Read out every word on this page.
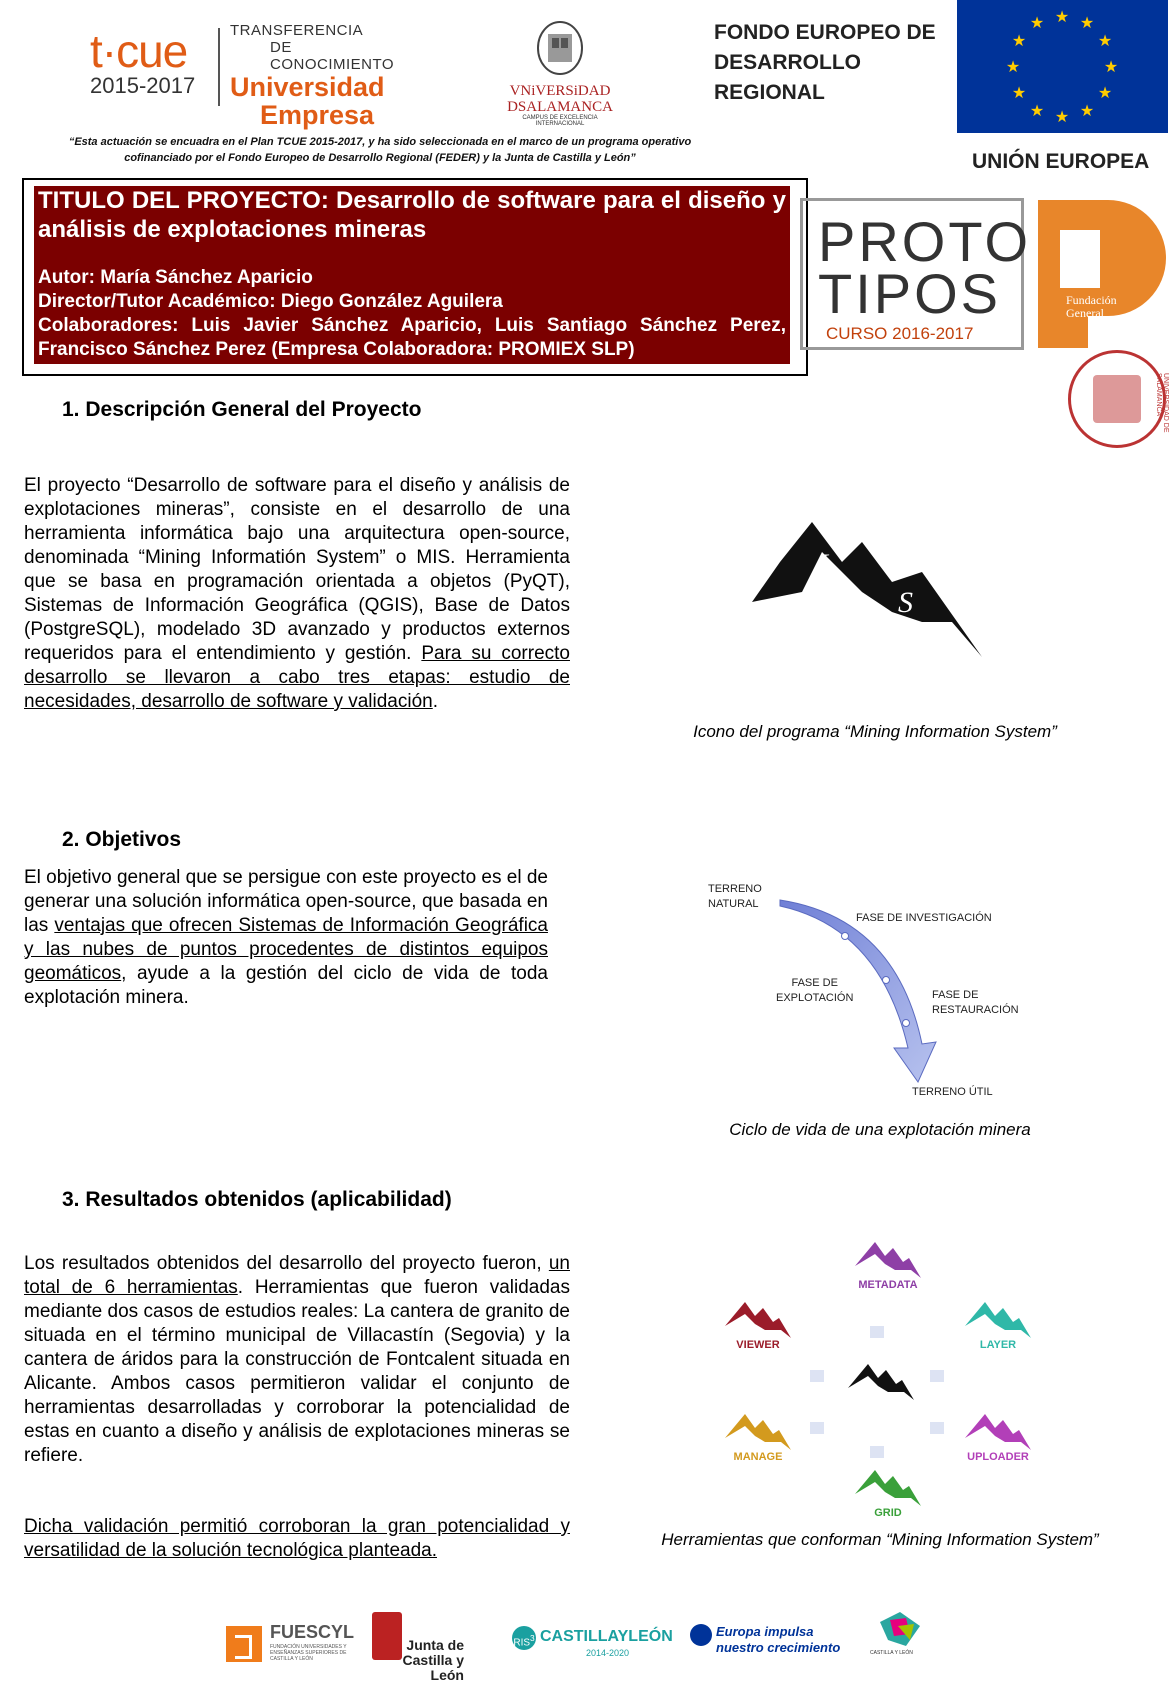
t·cue
2015-2017
TRANSFERENCIA
DE CONOCIMIENTO
Universidad
Empresa
VNiVERSiDAD
DSALAMANCA
CAMPUS DE EXCELENCIA INTERNACIONAL
FONDO EUROPEO DE
DESARROLLO
REGIONAL
★ ★
★
★
★
★
★
★
★
★
★
★
UNIÓN EUROPEA
“Esta actuación se encuadra en el Plan TCUE 2015-2017, y ha sido seleccionada en el marco de un programa operativo cofinanciado por el Fondo Europeo de Desarrollo Regional (FEDER) y la Junta de Castilla y León”
TITULO DEL PROYECTO: Desarrollo de software para el diseño y análisis de explotaciones mineras
Autor: María Sánchez Aparicio
Director/Tutor Académico: Diego González Aguilera
Colaboradores: Luis Javier Sánchez Aparicio, Luis Santiago Sánchez Perez, Francisco Sánchez Perez (Empresa Colaboradora: PROMIEX SLP)
PROTO
TIPOS
CURSO 2016-2017
Fundación
General
UNIVERSIDAD DE SALAMANCA
1. Descripción General del Proyecto
El proyecto “Desarrollo de software para el diseño y análisis de explotaciones mineras”, consiste en el desarrollo de una herramienta informática bajo una arquitectura open-source, denominada “Mining Informatión System” o MIS. Herramienta que se basa en programación orientada a objetos (PyQT), Sistemas de Información Geográfica (QGIS), Base de Datos (PostgreSQL), modelado 3D avanzado y productos externos requeridos para el entendimiento y gestión. Para su correcto desarrollo se llevaron a cabo tres etapas: estudio de necesidades, desarrollo de software y validación.
I
S
Icono del programa “Mining Information System”
2. Objetivos
El objetivo general que se persigue con este proyecto es el de generar una solución informática open-source, que basada en las ventajas que ofrecen Sistemas de Información Geográfica y las nubes de puntos procedentes de distintos equipos geomáticos, ayude a la gestión del ciclo de vida de toda explotación minera.
TERRENO
NATURAL
FASE DE INVESTIGACIÓN
FASE DE
EXPLOTACIÓN	FASE DE
RESTAURACIÓN
TERRENO ÚTIL
Ciclo de vida de una explotación minera
3. Resultados obtenidos (aplicabilidad)
Los resultados obtenidos del desarrollo del proyecto fueron, un total de 6 herramientas. Herramientas que fueron validadas mediante dos casos de estudios reales: La cantera de granito de situada en el término municipal de Villacastín (Segovia) y la cantera de áridos para la construcción de Fontcalent situada en Alicante. Ambos casos permitieron validar el conjunto de herramientas desarrolladas y corroborar la potencialidad de estas en cuanto a diseño y análisis de explotaciones mineras se refiere.
Dicha validación permitió corroboran la gran potencialidad y versatilidad de la solución tecnológica planteada.
METADATA
VIEWER	LAYER
MANAGE	UPLOADER
GRID
Herramientas que conforman “Mining Information System”
FUESCYL
FUNDACIÓN UNIVERSIDADES Y ENSEÑANZAS SUPERIORES DE CASTILLA Y LEÓN
Junta de
Castilla y León
RIS$^3$ CASTILLAYLEÓN
2014-2020
Europa impulsa
nuestro crecimiento	CASTILLA Y LEÓN
